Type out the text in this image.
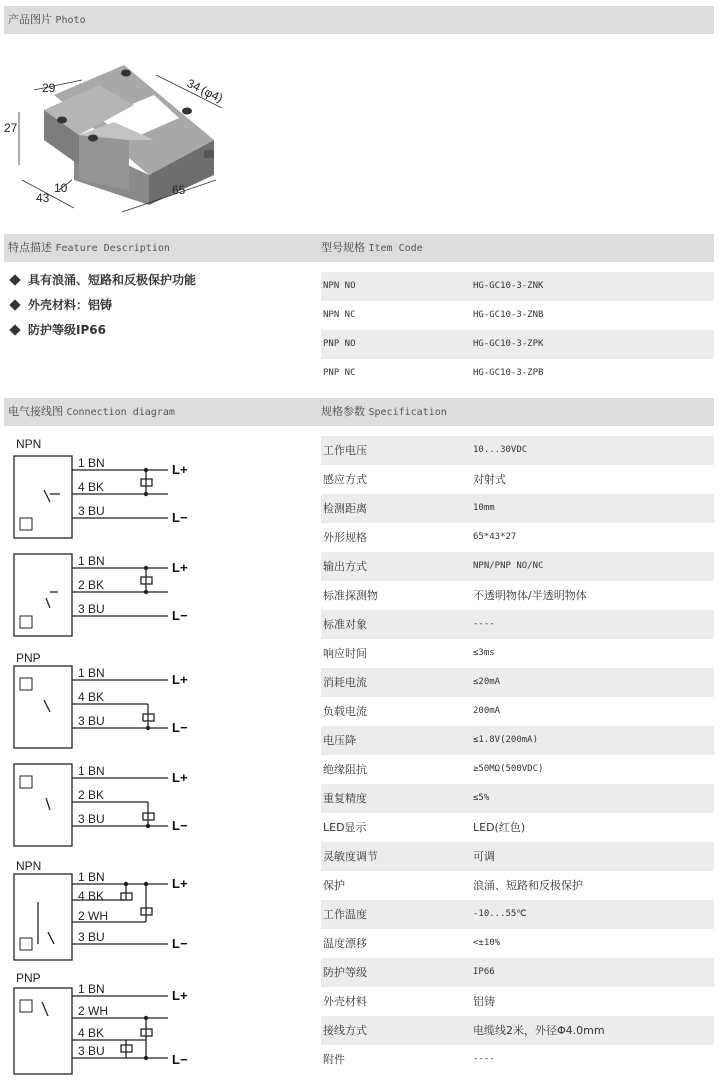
产品图片 Photo
29
27
34
(φ4)
10
43
65
特点描述 Feature Description	型号规格 Item Code
具有浪涌、短路和反极保护功能
外壳材料：铝铸
防护等级IP66
NPN NO	HG-GC10-3-ZNK
NPN NC	HG-GC10-3-ZNB
PNP NO	HG-GC10-3-ZPK
PNP NC	HG-GC10-3-ZPB
电气接线图 Connection diagram	规格参数 Specification
工作电压	10...30VDC
感应方式	对射式
检测距离	10mm
外形规格	65*43*27
输出方式	NPN/PNP NO/NC
标准探测物	不透明物体/半透明物体
标准对象	----
响应时间	≤3ms
消耗电流	≤20mA
负载电流	200mA
电压降	≤1.8V(200mA)
绝缘阻抗	≥50MΩ(500VDC)
重复精度	≤5%
LED显示	LED(红色)
灵敏度调节	可调
保护	浪涌、短路和反极保护
工作温度	-10...55℃
温度漂移	<±10%
防护等级	IP66
外壳材料	铝铸
接线方式	电缆线2米，外径Φ4.0mm
附件	----
NPN
1 BN
4 BK
3 BU
L+
L−
1 BN
2 BK
3 BU
L+
L−
PNP
1 BN
4 BK
3 BU
L+
L−
1 BN
2 BK
3 BU
L+
L−
NPN
1 BN
4 BK
2 WH
3 BU
L+
L−
PNP
1 BN
2 WH
4 BK
3 BU
L+
L−
